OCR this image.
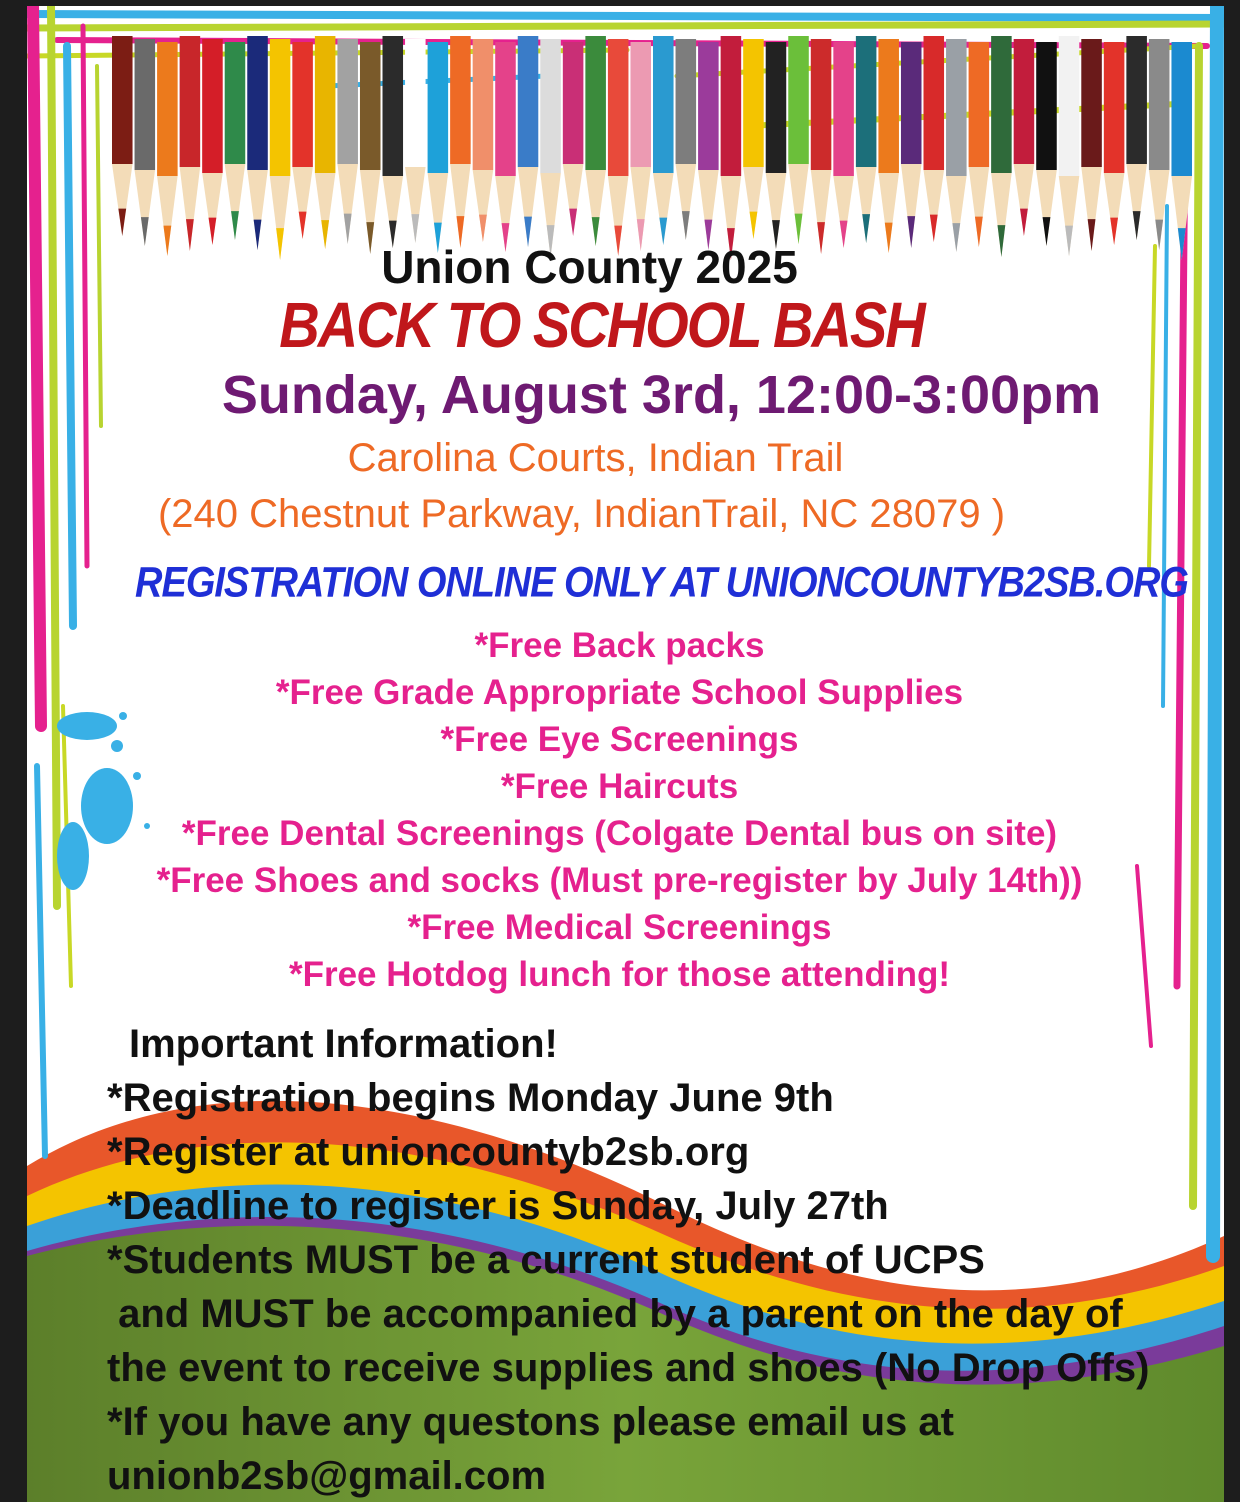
Union County 2025
BACK TO SCHOOL BASH
Sunday, August 3rd, 12:00-3:00pm
Carolina Courts, Indian Trail
(240 Chestnut Parkway, IndianTrail, NC 28079 )
REGISTRATION ONLINE ONLY AT UNIONCOUNTYB2SB.ORG
*Free Back packs
*Free Grade Appropriate School Supplies
*Free Eye Screenings
*Free Haircuts
*Free Dental Screenings (Colgate Dental bus on site)
*Free Shoes and socks (Must pre-register by July 14th))
*Free Medical Screenings
*Free Hotdog lunch for those attending!
Important Information!
*Registration begins Monday June 9th
*Register at unioncountyb2sb.org
*Deadline to register is Sunday, July 27th
*Students MUST be a current student of UCPS
and MUST be accompanied by a parent on the day of
the event to receive supplies and shoes (No Drop Offs)
*If you have any questons please email us at
unionb2sb@gmail.com
